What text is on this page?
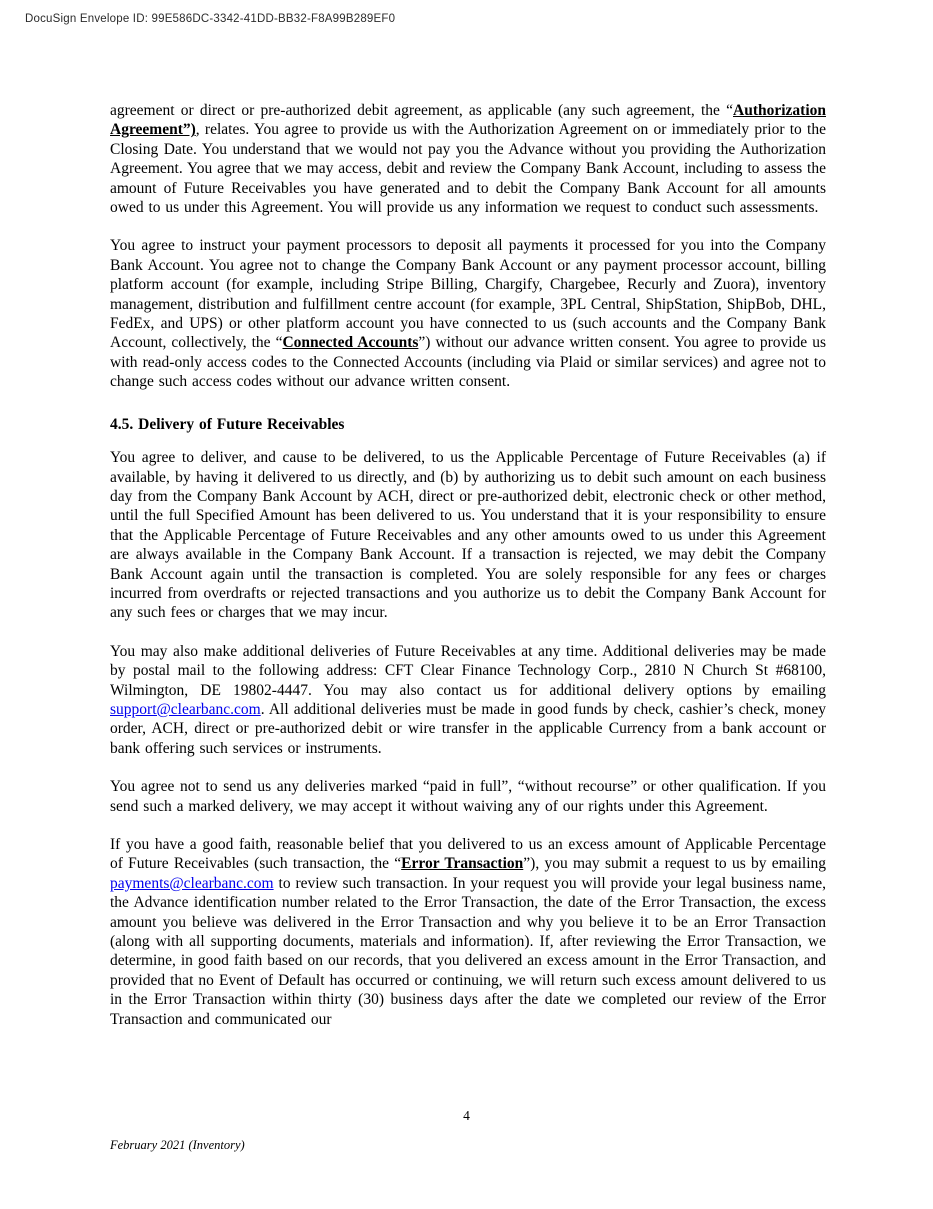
DocuSign Envelope ID: 99E586DC-3342-41DD-BB32-F8A99B289EF0

agreement or direct or pre-authorized debit agreement, as applicable (any such agreement, the “Authorization Agreement”), relates. You agree to provide us with the Authorization Agreement on or immediately prior to the Closing Date. You understand that we would not pay you the Advance without you providing the Authorization Agreement. You agree that we may access, debit and review the Company Bank Account, including to assess the amount of Future Receivables you have generated and to debit the Company Bank Account for all amounts owed to us under this Agreement. You will provide us any information we request to conduct such assessments.

You agree to instruct your payment processors to deposit all payments it processed for you into the Company Bank Account. You agree not to change the Company Bank Account or any payment processor account, billing platform account (for example, including Stripe Billing, Chargify, Chargebee, Recurly and Zuora), inventory management, distribution and fulfillment centre account (for example, 3PL Central, ShipStation, ShipBob, DHL, FedEx, and UPS) or other platform account you have connected to us (such accounts and the Company Bank Account, collectively, the “Connected Accounts”) without our advance written consent. You agree to provide us with read-only access codes to the Connected Accounts (including via Plaid or similar services) and agree not to change such access codes without our advance written consent.

4.5. Delivery of Future Receivables

You agree to deliver, and cause to be delivered, to us the Applicable Percentage of Future Receivables (a) if available, by having it delivered to us directly, and (b) by authorizing us to debit such amount on each business day from the Company Bank Account by ACH, direct or pre-authorized debit, electronic check or other method, until the full Specified Amount has been delivered to us. You understand that it is your responsibility to ensure that the Applicable Percentage of Future Receivables and any other amounts owed to us under this Agreement are always available in the Company Bank Account. If a transaction is rejected, we may debit the Company Bank Account again until the transaction is completed. You are solely responsible for any fees or charges incurred from overdrafts or rejected transactions and you authorize us to debit the Company Bank Account for any such fees or charges that we may incur.

You may also make additional deliveries of Future Receivables at any time. Additional deliveries may be made by postal mail to the following address: CFT Clear Finance Technology Corp., 2810 N Church St #68100, Wilmington, DE 19802-4447. You may also contact us for additional delivery options by emailing support@clearbanc.com. All additional deliveries must be made in good funds by check, cashier’s check, money order, ACH, direct or pre-authorized debit or wire transfer in the applicable Currency from a bank account or bank offering such services or instruments.

You agree not to send us any deliveries marked “paid in full”, “without recourse” or other qualification. If you send such a marked delivery, we may accept it without waiving any of our rights under this Agreement.

If you have a good faith, reasonable belief that you delivered to us an excess amount of Applicable Percentage of Future Receivables (such transaction, the “Error Transaction”), you may submit a request to us by emailing payments@clearbanc.com to review such transaction. In your request you will provide your legal business name, the Advance identification number related to the Error Transaction, the date of the Error Transaction, the excess amount you believe was delivered in the Error Transaction and why you believe it to be an Error Transaction (along with all supporting documents, materials and information). If, after reviewing the Error Transaction, we determine, in good faith based on our records, that you delivered an excess amount in the Error Transaction, and provided that no Event of Default has occurred or continuing, we will return such excess amount delivered to us in the Error Transaction within thirty (30) business days after the date we completed our review of the Error Transaction and communicated our

4
February 2021 (Inventory)
